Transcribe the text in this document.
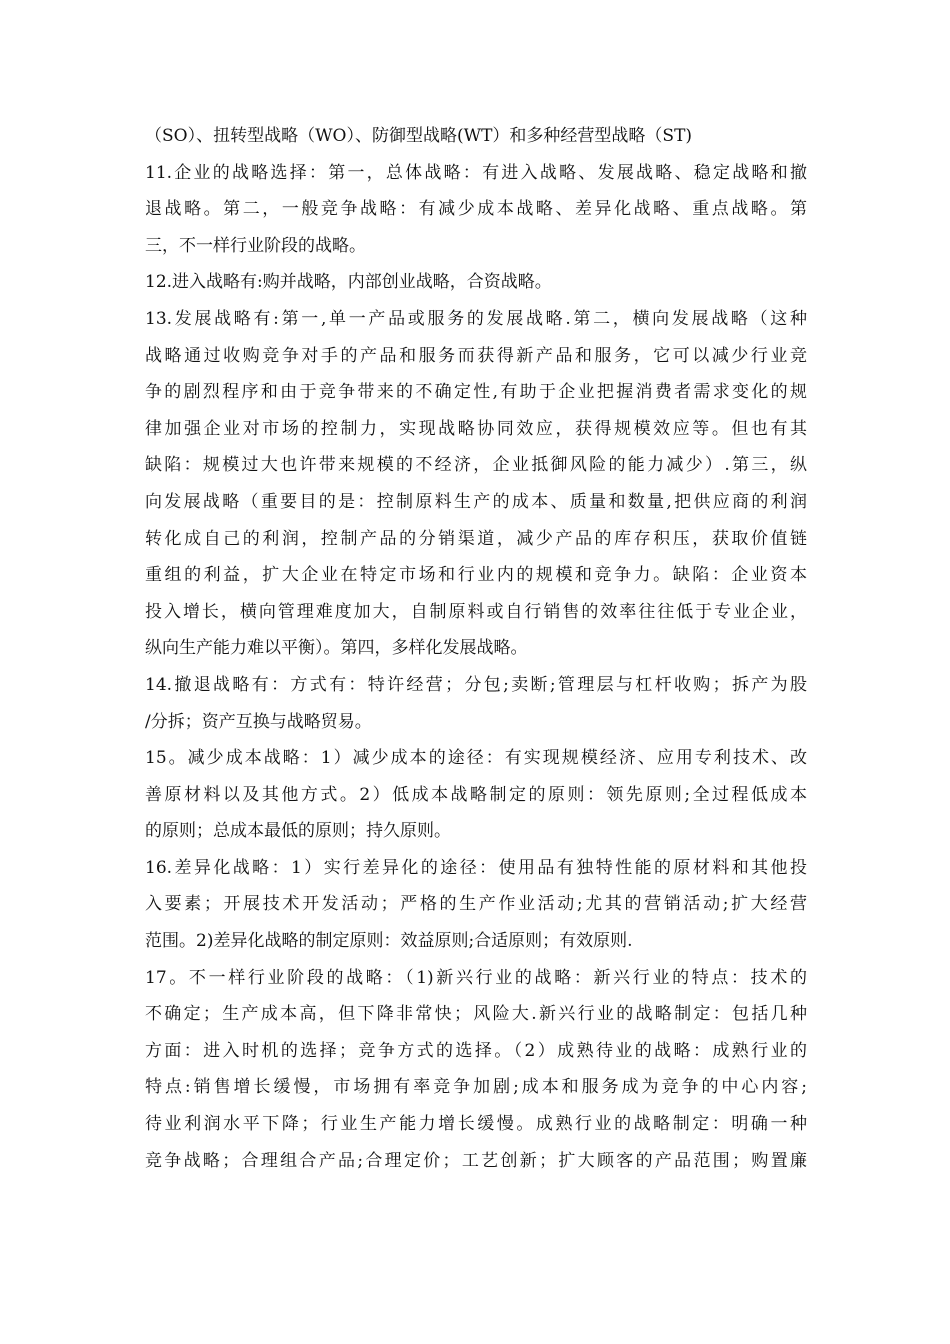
（SO）、扭转型战略（WO）、防御型战略(WT）和多种经营型战略（ST)
11.企业的战略选择：第一，总体战略：有进入战略、发展战略、稳定战略和撤
退战略。第二，一般竞争战略：有减少成本战略、差异化战略、重点战略。第
三，不一样行业阶段的战略。
12.进入战略有:购并战略，内部创业战略，合资战略。
13.发展战略有:第一,单一产品或服务的发展战略.第二，横向发展战略（这种
战略通过收购竞争对手的产品和服务而获得新产品和服务，它可以减少行业竞
争的剧烈程序和由于竞争带来的不确定性,有助于企业把握消费者需求变化的规
律加强企业对市场的控制力，实现战略协同效应，获得规模效应等。但也有其
缺陷：规模过大也许带来规模的不经济，企业抵御风险的能力减少）.第三，纵
向发展战略（重要目的是：控制原料生产的成本、质量和数量,把供应商的利润
转化成自己的利润，控制产品的分销渠道，减少产品的库存积压，获取价值链
重组的利益，扩大企业在特定市场和行业内的规模和竞争力。缺陷：企业资本
投入增长，横向管理难度加大，自制原料或自行销售的效率往往低于专业企业，
纵向生产能力难以平衡）。第四，多样化发展战略。
14.撤退战略有：方式有：特许经营；分包;卖断;管理层与杠杆收购；拆产为股
/分拆；资产互换与战略贸易。
15。减少成本战略：1）减少成本的途径：有实现规模经济、应用专利技术、改
善原材料以及其他方式。2）低成本战略制定的原则：领先原则;全过程低成本
的原则；总成本最低的原则；持久原则。
16.差异化战略：1）实行差异化的途径：使用品有独特性能的原材料和其他投
入要素；开展技术开发活动；严格的生产作业活动;尤其的营销活动;扩大经营
范围。2)差异化战略的制定原则：效益原则;合适原则；有效原则.
17。不一样行业阶段的战略：（1)新兴行业的战略：新兴行业的特点：技术的
不确定；生产成本高，但下降非常快；风险大.新兴行业的战略制定：包括几种
方面：进入时机的选择；竞争方式的选择。（2）成熟待业的战略：成熟行业的
特点:销售增长缓慢，市场拥有率竞争加剧;成本和服务成为竞争的中心内容;
待业利润水平下降；行业生产能力增长缓慢。成熟行业的战略制定：明确一种
竞争战略；合理组合产品;合理定价；工艺创新；扩大顾客的产品范围；购置廉
